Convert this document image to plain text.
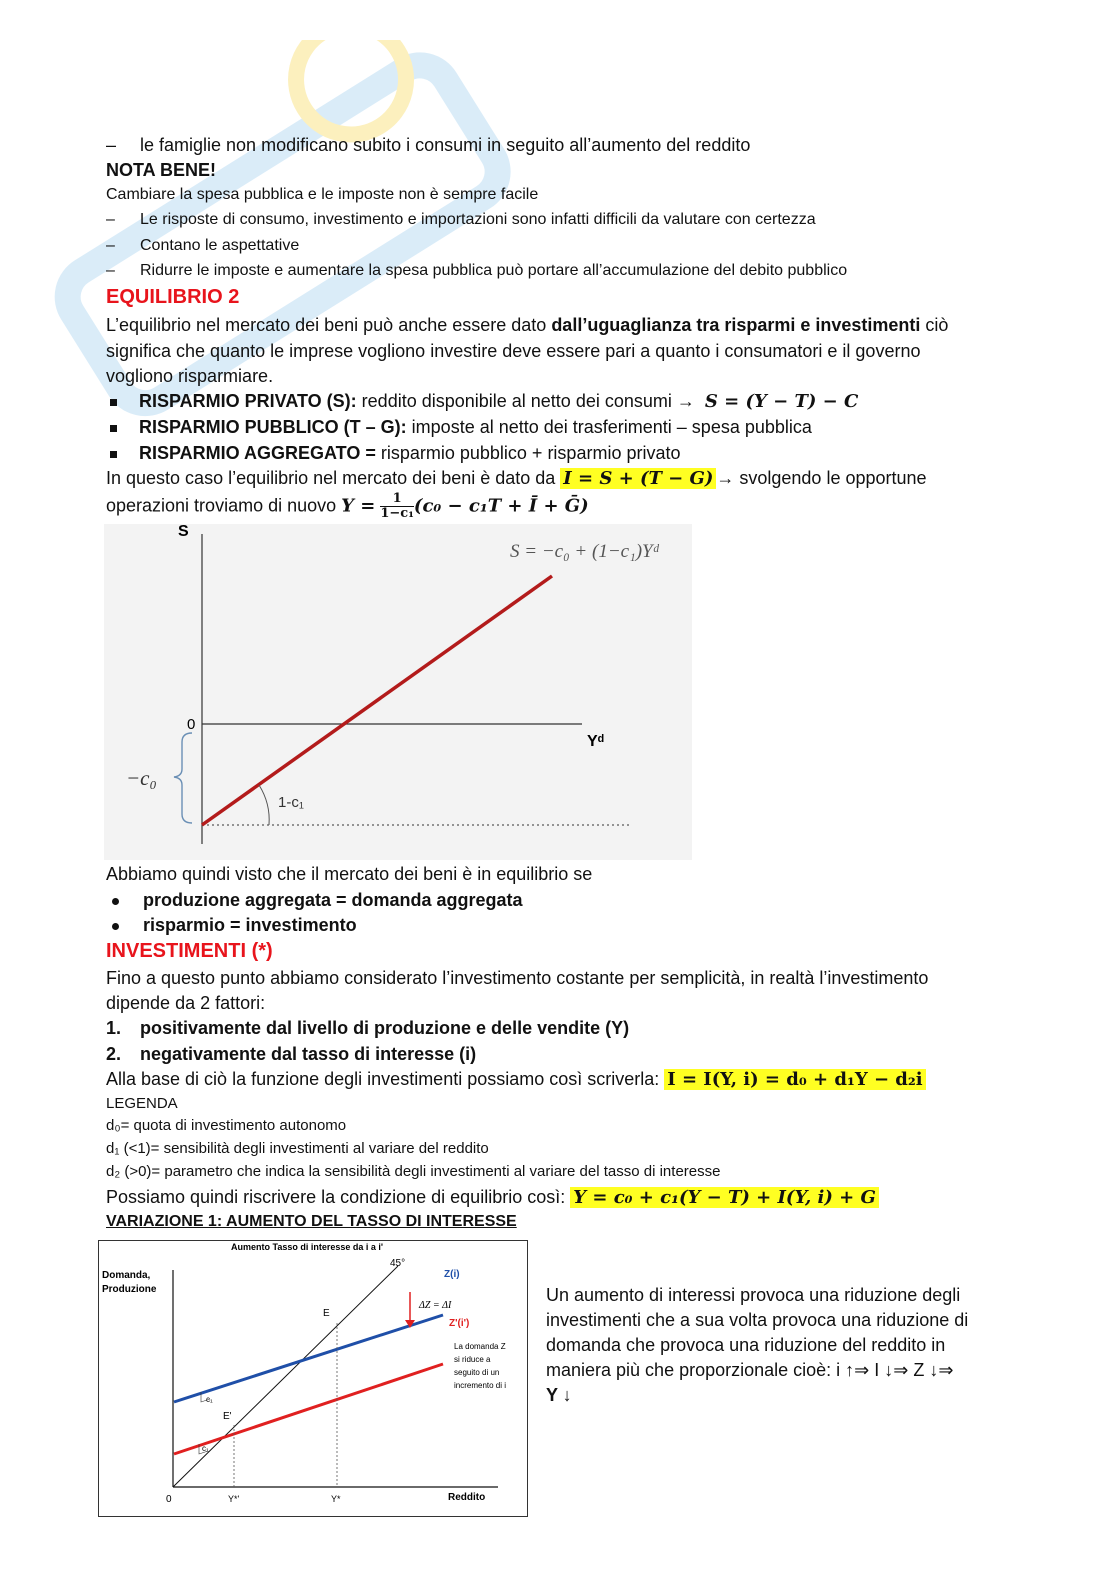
– le famiglie non modificano subito i consumi in seguito all’aumento del reddito
NOTA BENE!
Cambiare la spesa pubblica e le imposte non è sempre facile
– Le risposte di consumo, investimento e importazioni sono infatti difficili da valutare con certezza
– Contano le aspettative
– Ridurre le imposte e aumentare la spesa pubblica può portare all’accumulazione del debito pubblico
EQUILIBRIO 2
L’equilibrio nel mercato dei beni può anche essere dato dall’uguaglianza tra risparmi e investimenti ciò
significa che quanto le imprese vogliono investire deve essere pari a quanto i consumatori e il governo
vogliono risparmiare.
RISPARMIO PRIVATO (S): reddito disponibile al netto dei consumi → S = (Y − T) − C
RISPARMIO PUBBLICO (T – G): imposte al netto dei trasferimenti – spesa pubblica
RISPARMIO AGGREGATO = risparmio pubblico + risparmio privato
In questo caso l’equilibrio nel mercato dei beni è dato da I = S + (T − G) → svolgendo le opportune
operazioni troviamo di nuovo $Y = \frac{1}{\text{1−c₁}} (c_0 - c_1T$ + Ī + Ḡ)
S
Yᵈ
S = −c₀ + (1−c₁)Yᵈ
0
−c₀
1-c₁
Abbiamo quindi visto che il mercato dei beni è in equilibrio se
produzione aggregata = domanda aggregata
risparmio = investimento
INVESTIMENTI (*)
Fino a questo punto abbiamo considerato l’investimento costante per semplicità, in realtà l’investimento
dipende da 2 fattori:
1. positivamente dal livello di produzione e delle vendite (Y)
2. negativamente dal tasso di interesse (i)
Alla base di ciò la funzione degli investimenti possiamo così scriverla: I = I(Y, i) = d₀ + d₁Y − d₂i
LEGENDA
d₀= quota di investimento autonomo
d₁ (<1)= sensibilità degli investimenti al variare del reddito
d₂ (>0)= parametro che indica la sensibilità degli investimenti al variare del tasso di interesse
Possiamo quindi riscrivere la condizione di equilibrio così: Y = c₀ + c₁(Y − T) + I(Y, i) + G
VARIAZIONE 1: AUMENTO DEL TASSO DI INTERESSE
Aumento Tasso di interesse da i a i'
Domanda,
Produzione
45°
Z(i)
Z'(i')
ΔZ = ΔI
La domanda Z
si riduce a
seguito di un
incremento di i
E
E'
c₁
c₁
0	Y*'	Y*	Reddito
Un aumento di interessi provoca una riduzione degli
investimenti che a sua volta provoca una riduzione di
domanda che provoca una riduzione del reddito in
maniera più che proporzionale cioè: i ↑⇒ I ↓⇒ Z ↓⇒
Y ↓
